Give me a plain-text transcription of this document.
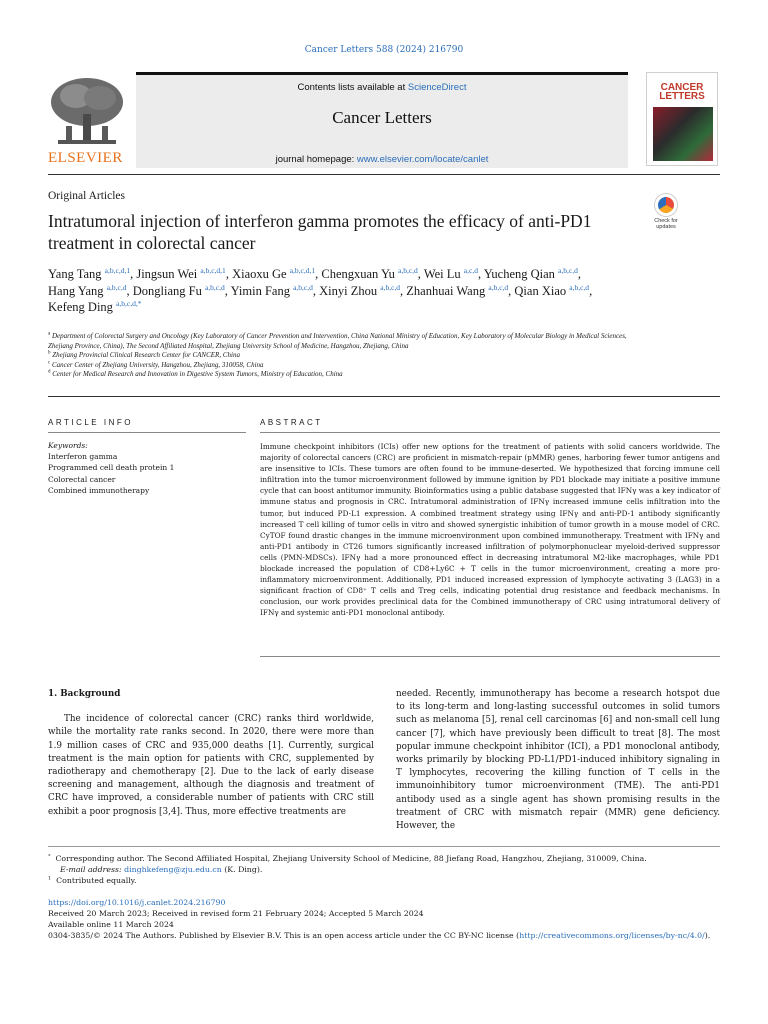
Cancer Letters 588 (2024) 216790
ELSEVIER
Contents lists available at ScienceDirect
Cancer Letters
journal homepage: www.elsevier.com/locate/canlet
CANCER
LETTERS
Original Articles
Intratumoral injection of interferon gamma promotes the efficacy of anti-PD1 treatment in colorectal cancer
Check for
updates
Yang Tang $^{a,b,c,d,1}$, Jingsun Wei $^{a,b,c,d,1}$, Xiaoxu Ge $^{a,b,c,d,1}$, Chengxuan Yu $^{a,b,c,d}$, Wei Lu $^{a,c,d}$, Yucheng Qian $^{a,b,c,d}$, Hang Yang $^{a,b,c,d}$, Dongliang Fu $^{a,b,c,d}$, Yimin Fang $^{a,b,c,d}$, Xinyi Zhou $^{a,b,c,d}$, Zhanhuai Wang $^{a,b,c,d}$, Qian Xiao $^{a,b,c,d}$, Kefeng Ding $^{a,b,c,d,*}$
$^a$ Department of Colorectal Surgery and Oncology (Key Laboratory of Cancer Prevention and Intervention, China National Ministry of Education, Key Laboratory of Molecular Biology in Medical Sciences, Zhejiang Province, China), The Second Affiliated Hospital, Zhejiang University School of Medicine, Hangzhou, Zhejiang, China
$^b$ Zhejiang Provincial Clinical Research Center for CANCER, China
$^c$ Cancer Center of Zhejiang University, Hangzhou, Zhejiang, 310058, China
$^d$ Center for Medical Research and Innovation in Digestive System Tumors, Ministry of Education, China
ARTICLE INFO	ABSTRACT
Keywords:
Interferon gamma
Programmed cell death protein 1
Colorectal cancer
Combined immunotherapy
Immune checkpoint inhibitors (ICIs) offer new options for the treatment of patients with solid cancers worldwide. The majority of colorectal cancers (CRC) are proficient in mismatch-repair (pMMR) genes, harboring fewer tumor antigens and are insensitive to ICIs. These tumors are often found to be immune-deserted. We hypothesized that forcing immune cell infiltration into the tumor microenvironment followed by immune ignition by PD1 blockade may initiate a positive immune cycle that can boost antitumor immunity. Bioinformatics using a public database suggested that IFNγ was a key indicator of immune status and prognosis in CRC. Intratumoral administration of IFNγ increased immune cells infiltration into the tumor, but induced PD-L1 expression. A combined treatment strategy using IFNγ and anti-PD-1 antibody significantly increased T cell killing of tumor cells in vitro and showed synergistic inhibition of tumor growth in a mouse model of CRC. CyTOF found drastic changes in the immune microenvironment upon combined immunotherapy. Treatment with IFNγ and anti-PD1 antibody in CT26 tumors significantly increased infiltration of polymorphonuclear myeloid-derived suppressor cells (PMN-MDSCs). IFNγ had a more pronounced effect in decreasing intratumoral M2-like macrophages, while PD1 blockade increased the population of CD8+Ly6C + T cells in the tumor microenvironment, creating a more pro-inflammatory microenvironment. Additionally, PD1 induced increased expression of lymphocyte activating 3 (LAG3) in a significant fraction of CD8⁺ T cells and Treg cells, indicating potential drug resistance and feedback mechanisms. In conclusion, our work provides preclinical data for the Combined immunotherapy of CRC using intratumoral delivery of IFNγ and systemic anti-PD1 monoclonal antibody.
1. Background
The incidence of colorectal cancer (CRC) ranks third worldwide, while the mortality rate ranks second. In 2020, there were more than 1.9 million cases of CRC and 935,000 deaths [1]. Currently, surgical treatment is the main option for patients with CRC, supplemented by radiotherapy and chemotherapy [2]. Due to the lack of early disease screening and management, although the diagnosis and treatment of CRC have improved, a considerable number of patients with CRC still exhibit a poor prognosis [3,4]. Thus, more effective treatments are
needed. Recently, immunotherapy has become a research hotspot due to its long-term and long-lasting successful outcomes in solid tumors such as melanoma [5], renal cell carcinomas [6] and non-small cell lung cancer [7], which have previously been difficult to treat [8]. The most popular immune checkpoint inhibitor (ICI), a PD1 monoclonal antibody, works primarily by blocking PD-L1/PD1-induced inhibitory signaling in T lymphocytes, recovering the killing function of T cells in the immunoinhibitory tumor microenvironment (TME). The anti-PD1 antibody used as a single agent has shown promising results in the treatment of CRC with mismatch repair (MMR) gene deficiency. However, the
* Corresponding author. The Second Affiliated Hospital, Zhejiang University School of Medicine, 88 Jiefang Road, Hangzhou, Zhejiang, 310009, China.
E-mail address: dinghkefeng@zju.edu.cn (K. Ding).
$^1$ Contributed equally.
https://doi.org/10.1016/j.canlet.2024.216790
Received 20 March 2023; Received in revised form 21 February 2024; Accepted 5 March 2024
Available online 11 March 2024
0304-3835/© 2024 The Authors. Published by Elsevier B.V. This is an open access article under the CC BY-NC license (http://creativecommons.org/licenses/by-nc/4.0/).
